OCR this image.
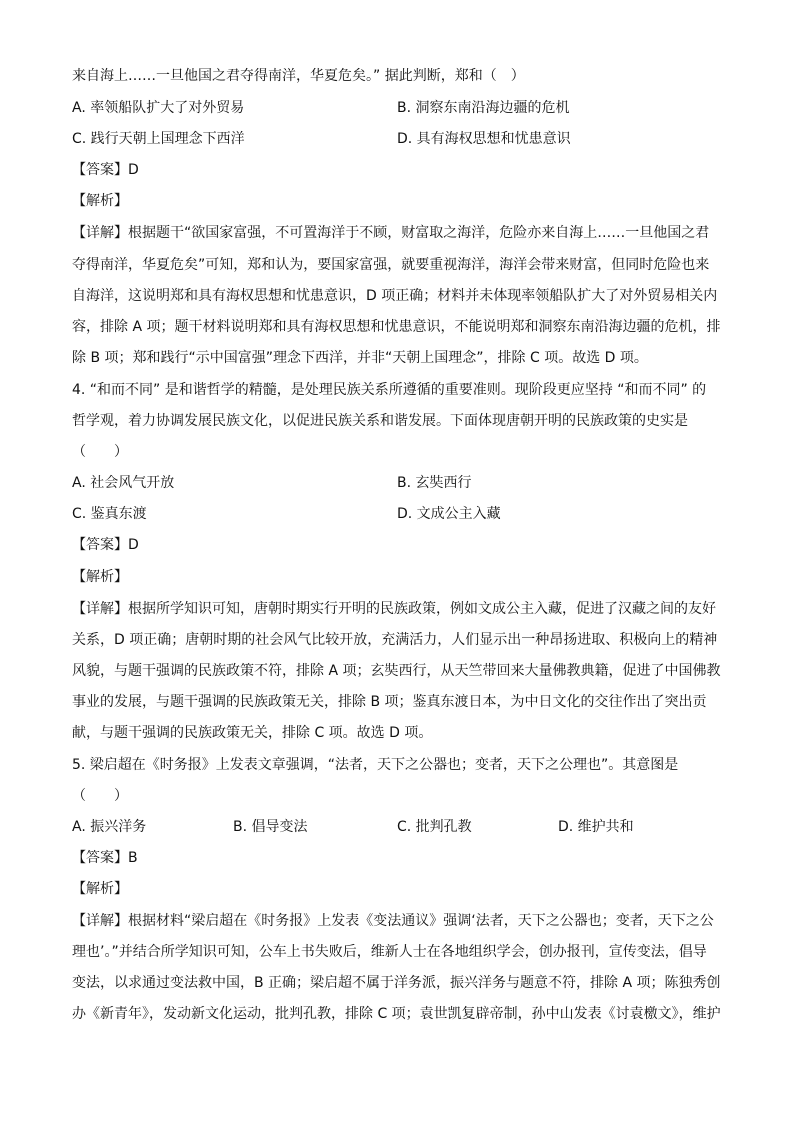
来自海上……一旦他国之君夺得南洋，华夏危矣。” 据此判断，郑和（　）
A. 率领船队扩大了对外贸易	B. 洞察东南沿海边疆的危机
C. 践行天朝上国理念下西洋	D. 具有海权思想和忧患意识
【答案】D
【解析】
【详解】根据题干“欲国家富强，不可置海洋于不顾，财富取之海洋，危险亦来自海上……一旦他国之君
夺得南洋，华夏危矣”可知，郑和认为，要国家富强，就要重视海洋，海洋会带来财富，但同时危险也来
自海洋，这说明郑和具有海权思想和忧患意识，D 项正确；材料并未体现率领船队扩大了对外贸易相关内
容，排除 A 项；题干材料说明郑和具有海权思想和忧患意识，不能说明郑和洞察东南沿海边疆的危机，排
除 B 项；郑和践行“示中国富强”理念下西洋，并非“天朝上国理念”，排除 C 项。故选 D 项。
4. “和而不同” 是和谐哲学的精髓，是处理民族关系所遵循的重要准则。现阶段更应坚持 “和而不同” 的
哲学观，着力协调发展民族文化，以促进民族关系和谐发展。下面体现唐朝开明的民族政策的史实是
（　　）
A. 社会风气开放	B. 玄奘西行
C. 鉴真东渡	D. 文成公主入藏
【答案】D
【解析】
【详解】根据所学知识可知，唐朝时期实行开明的民族政策，例如文成公主入藏，促进了汉藏之间的友好
关系，D 项正确；唐朝时期的社会风气比较开放，充满活力，人们显示出一种昂扬进取、积极向上的精神
风貌，与题干强调的民族政策不符，排除 A 项；玄奘西行，从天竺带回来大量佛教典籍，促进了中国佛教
事业的发展，与题干强调的民族政策无关，排除 B 项；鉴真东渡日本，为中日文化的交往作出了突出贡
献，与题干强调的民族政策无关，排除 C 项。故选 D 项。
5. 梁启超在《时务报》上发表文章强调，“法者，天下之公器也；变者，天下之公理也”。其意图是
（　　）
A. 振兴洋务	B. 倡导变法	C. 批判孔教	D. 维护共和
【答案】B
【解析】
【详解】根据材料“梁启超在《时务报》上发表《变法通议》强调‘法者，天下之公器也；变者，天下之公
理也’。”并结合所学知识可知，公车上书失败后，维新人士在各地组织学会，创办报刊，宣传变法，倡导
变法，以求通过变法救中国，B 正确；梁启超不属于洋务派，振兴洋务与题意不符，排除 A 项；陈独秀创
办《新青年》，发动新文化运动，批判孔教，排除 C 项；袁世凯复辟帝制，孙中山发表《讨袁檄文》，维护
